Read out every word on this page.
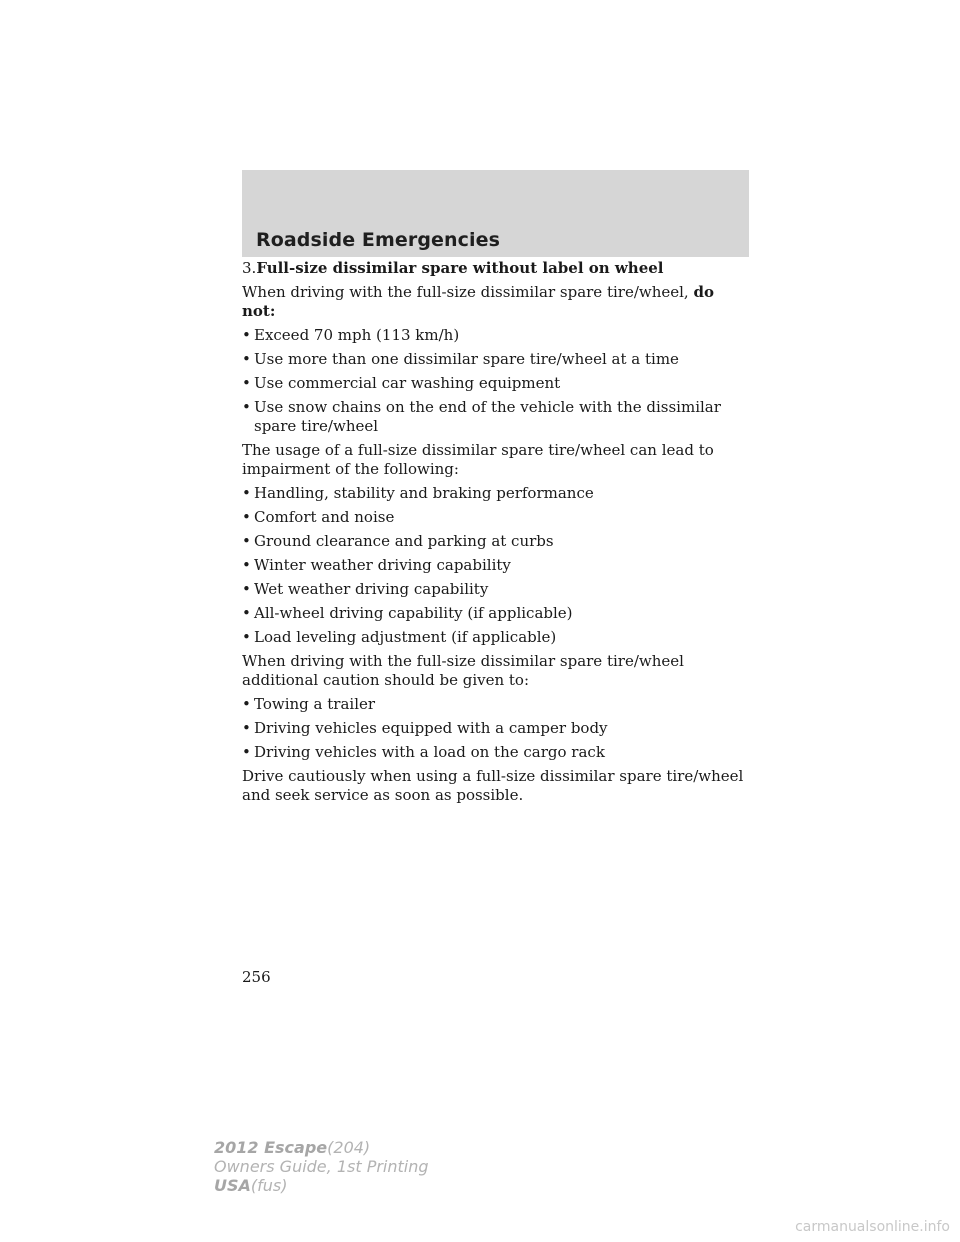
Roadside Emergencies

3.Full-size dissimilar spare without label on wheel

When driving with the full-size dissimilar spare tire/wheel, do not:

• Exceed 70 mph (113 km/h)
• Use more than one dissimilar spare tire/wheel at a time
• Use commercial car washing equipment
• Use snow chains on the end of the vehicle with the dissimilar spare tire/wheel

The usage of a full-size dissimilar spare tire/wheel can lead to impairment of the following:

• Handling, stability and braking performance
• Comfort and noise
• Ground clearance and parking at curbs
• Winter weather driving capability
• Wet weather driving capability
• All-wheel driving capability (if applicable)
• Load leveling adjustment (if applicable)

When driving with the full-size dissimilar spare tire/wheel additional caution should be given to:

• Towing a trailer
• Driving vehicles equipped with a camper body
• Driving vehicles with a load on the cargo rack

Drive cautiously when using a full-size dissimilar spare tire/wheel and seek service as soon as possible.

256
2012 Escape(204)
Owners Guide, 1st Printing
USA(fus)
carmanualsonline.info
